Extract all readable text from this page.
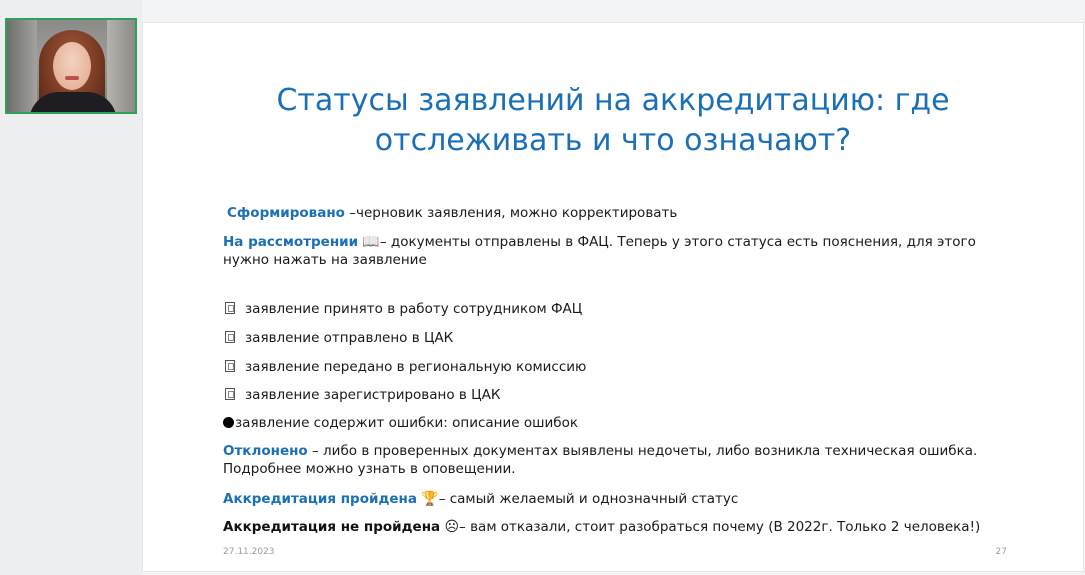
Статусы заявлений на аккредитацию: где
отслеживать и что означают?
Сформировано –черновик заявления, можно корректировать
На рассмотрении 📖– документы отправлены в ФАЦ. Теперь у этого статуса есть пояснения, для этого нужно нажать на заявление
заявление принято в работу сотрудником ФАЦ
заявление отправлено в ЦАК
заявление передано в региональную комиссию
заявление зарегистрировано в ЦАК
заявление содержит ошибки: описание ошибок
Отклонено – либо в проверенных документах выявлены недочеты, либо возникла техническая ошибка. Подробнее можно узнать в оповещении.
Аккредитация пройдена 🏆– самый желаемый и однозначный статус
Аккредитация не пройдена ☹– вам отказали, стоит разобраться почему (В 2022г. Только 2 человека!)
27.11.2023	27
